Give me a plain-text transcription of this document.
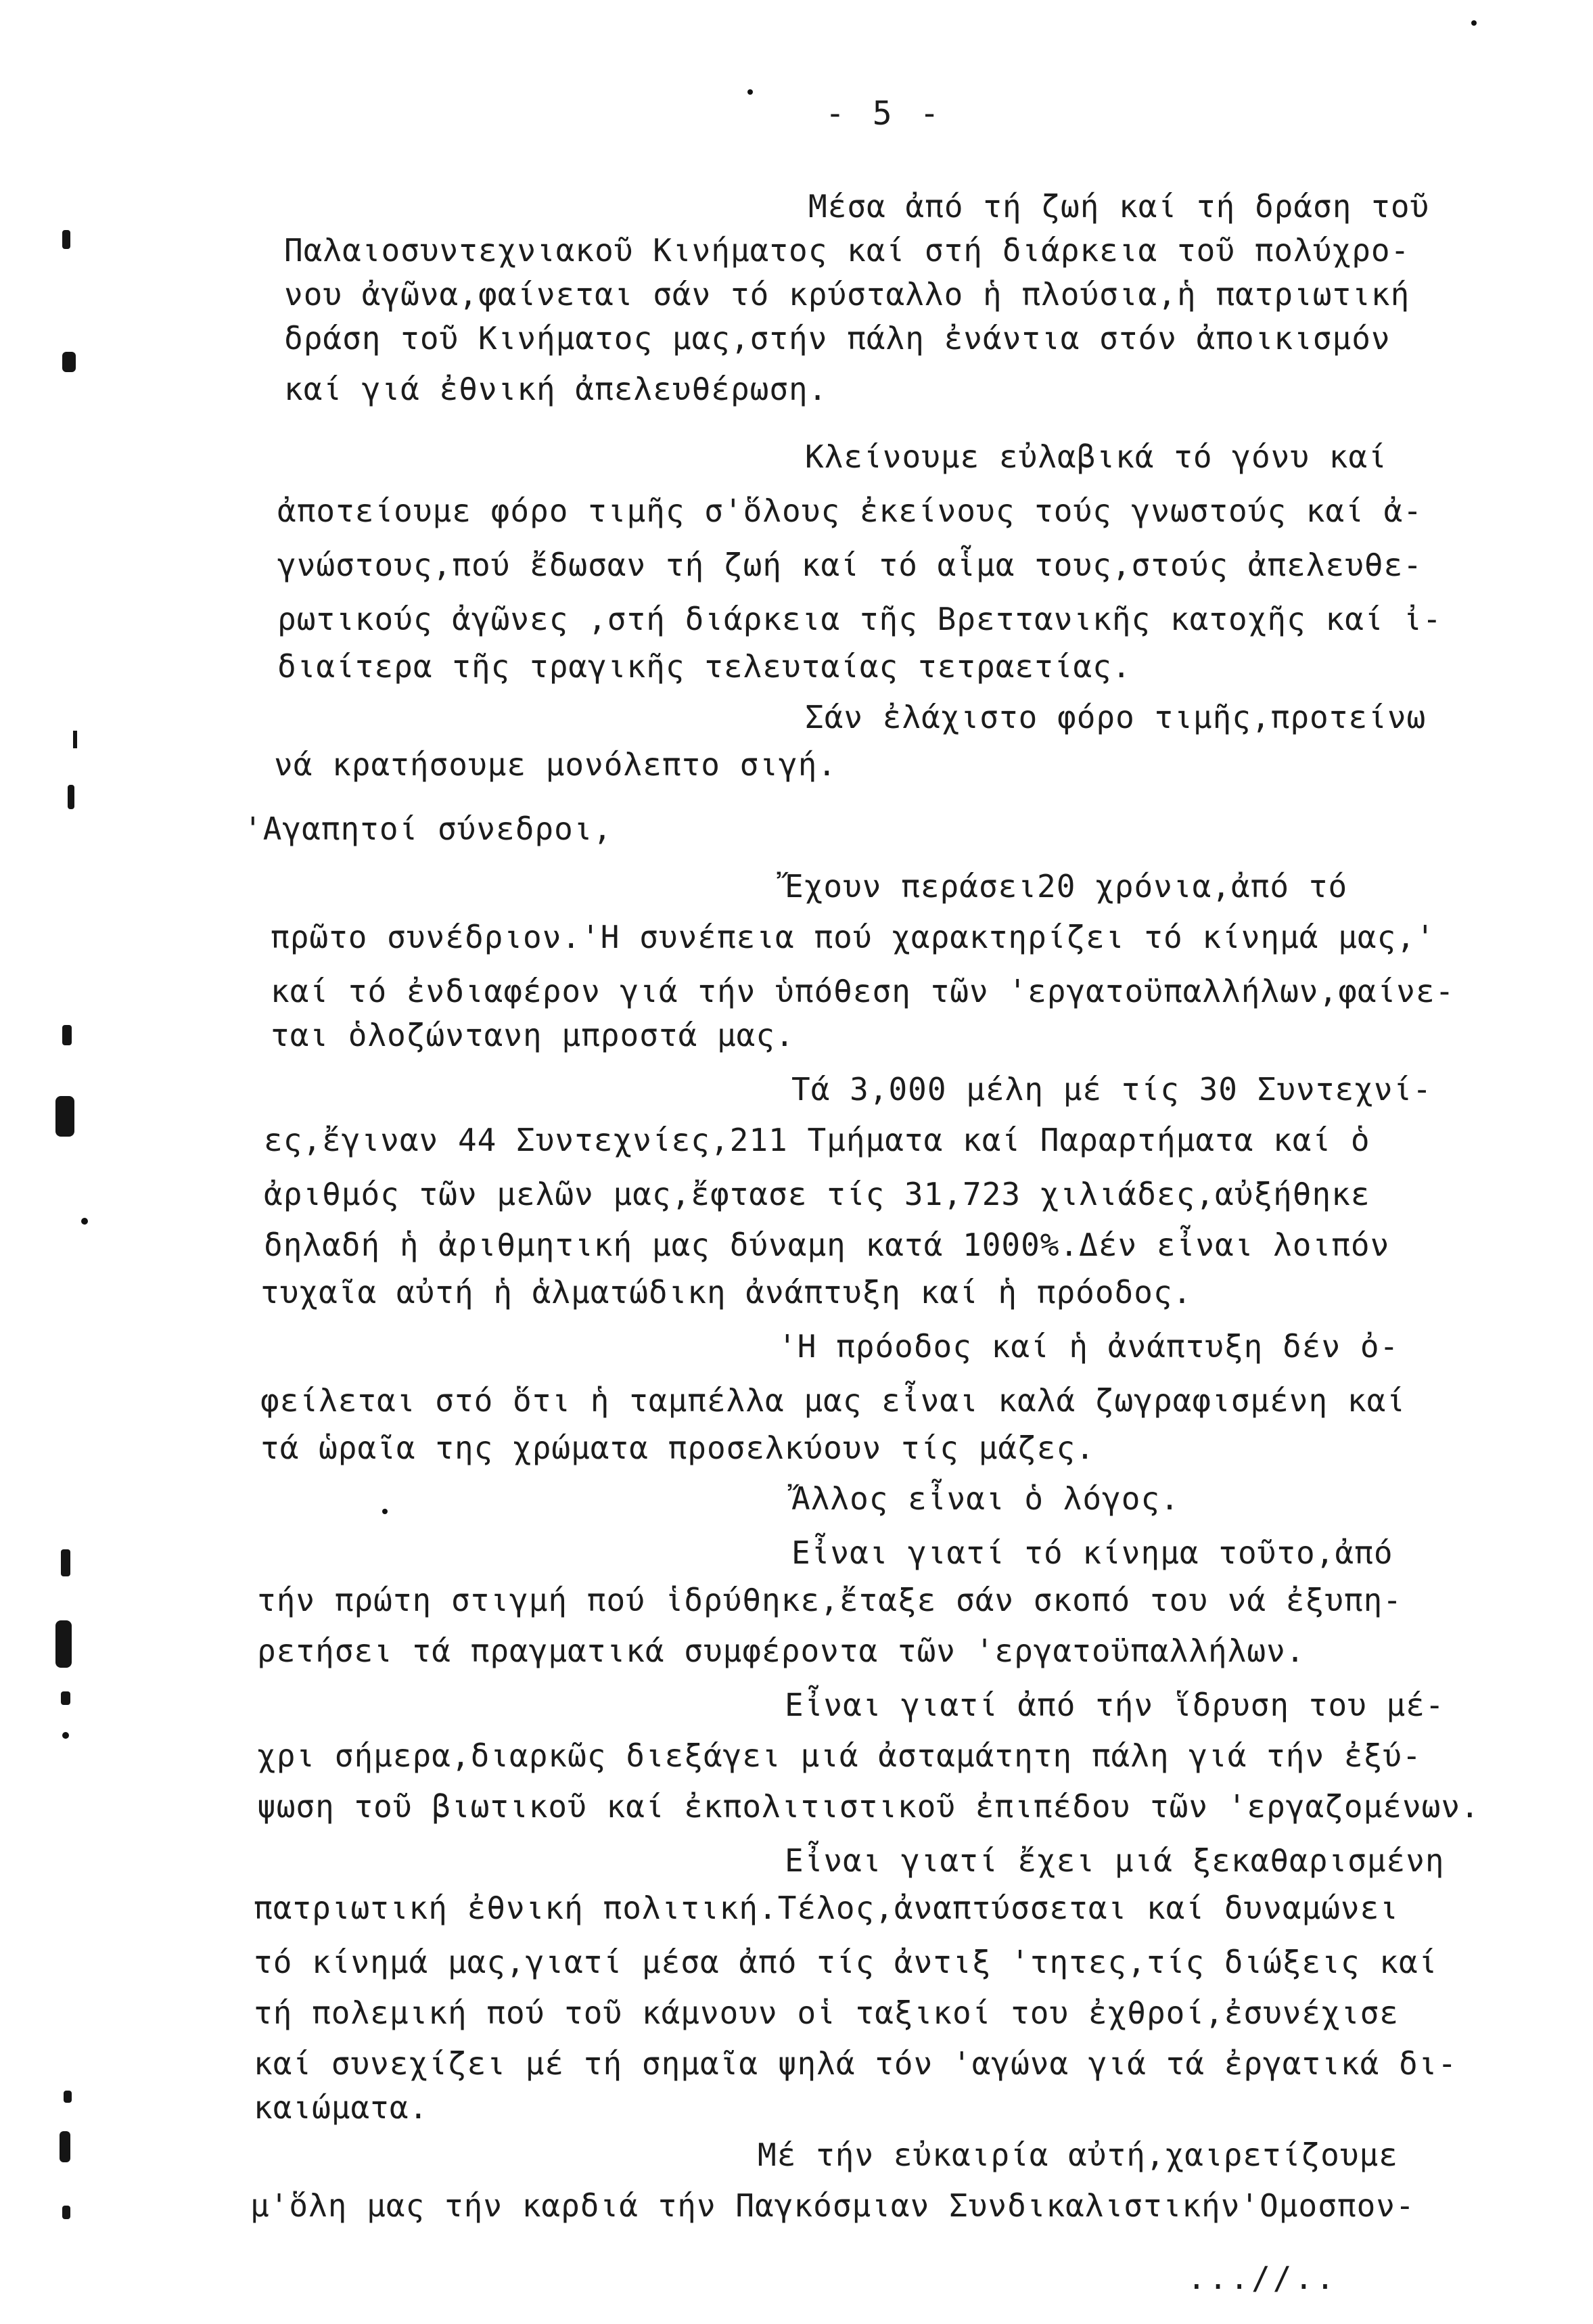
- 5 -
Μέσα ἀπό τή ζωή καί τή δράση τοῦ
Παλαιοσυντεχνιακοῦ Κινήματος καί στή διάρκεια τοῦ πολύχρο-
νου ἀγῶνα,φαίνεται σάν τό κρύσταλλο ἡ πλούσια,ἡ πατριωτική
δράση τοῦ Κινήματος μας,στήν πάλη ἐνάντια στόν ἀποικισμόν
καί γιά ἐθνική ἀπελευθέρωση.
Κλείνουμε εὐλαβικά τό γόνυ καί
ἀποτείουμε φόρο τιμῆς σ'ὅλους ἐκείνους τούς γνωστούς καί ἀ-
γνώστους,πού ἔδωσαν τή ζωή καί τό αἷμα τους,στούς ἀπελευθε-
ρωτικούς ἀγῶνες ,στή διάρκεια τῆς Βρεττανικῆς κατοχῆς καί ἰ-
διαίτερα τῆς τραγικῆς τελευταίας τετραετίας.
Σάν ἐλάχιστο φόρο τιμῆς,προτείνω
νά κρατήσουμε μονόλεπτο σιγή.
'Αγαπητοί σύνεδροι,
Ἔχουν περάσει20 χρόνια,ἀπό τό
πρῶτο συνέδριον.'Η συνέπεια πού χαρακτηρίζει τό κίνημά μας,'
καί τό ἐνδιαφέρον γιά τήν ὑπόθεση τῶν 'εργατοϋπαλλήλων,φαίνε-
ται ὁλοζώντανη μπροστά μας.
Τά 3,000 μέλη μέ τίς 30 Συντεχνί-
ες,ἔγιναν 44 Συντεχνίες,211 Τμήματα καί Παραρτήματα καί ὁ
ἀριθμός τῶν μελῶν μας,ἔφτασε τίς 31,723 χιλιάδες,αὐξήθηκε
δηλαδή ἡ ἀριθμητική μας δύναμη κατά 1000%.Δέν εἶναι λοιπόν
τυχαῖα αὐτή ἡ ἁλματώδικη ἀνάπτυξη καί ἡ πρόοδος.
'Η πρόοδος καί ἡ ἀνάπτυξη δέν ὀ-
φείλεται στό ὅτι ἡ ταμπέλλα μας εἶναι καλά ζωγραφισμένη καί
τά ὡραῖα της χρώματα προσελκύουν τίς μάζες.
Ἄλλος εἶναι ὁ λόγος.
Εἶναι γιατί τό κίνημα τοῦτο,ἀπό
τήν πρώτη στιγμή πού ἱδρύθηκε,ἔταξε σάν σκοπό του νά ἐξυπη-
ρετήσει τά πραγματικά συμφέροντα τῶν 'εργατοϋπαλλήλων.
Εἶναι γιατί ἀπό τήν ἵδρυση του μέ-
χρι σήμερα,διαρκῶς διεξάγει μιά ἀσταμάτητη πάλη γιά τήν ἐξύ-
ψωση τοῦ βιωτικοῦ καί ἐκπολιτιστικοῦ ἐπιπέδου τῶν 'εργαζομένων.
Εἶναι γιατί ἔχει μιά ξεκαθαρισμένη
πατριωτική ἐθνική πολιτική.Τέλος,ἀναπτύσσεται καί δυναμώνει
τό κίνημά μας,γιατί μέσα ἀπό τίς ἀντιξ 'τητες,τίς διώξεις καί
τή πολεμική πού τοῦ κάμνουν οἱ ταξικοί του ἐχθροί,ἐσυνέχισε
καί συνεχίζει μέ τή σημαῖα ψηλά τόν 'αγώνα γιά τά ἐργατικά δι-
καιώματα.
Μέ τήν εὐκαιρία αὐτή,χαιρετίζουμε
μ'ὅλη μας τήν καρδιά τήν Παγκόσμιαν Συνδικαλιστικήν'Ομοσπον-
...//..
